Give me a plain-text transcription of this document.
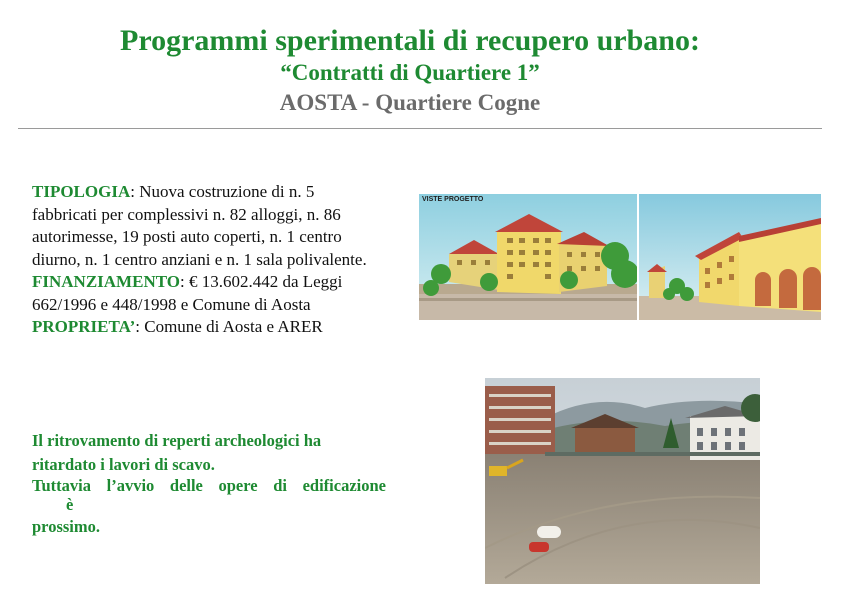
Programmi sperimentali di recupero urbano:
“Contratti di Quartiere 1”
AOSTA - Quartiere Cogne
TIPOLOGIA: Nuova costruzione di n. 5 fabbricati per complessivi n. 82 alloggi, n. 86 autorimesse, 19 posti auto coperti, n. 1 centro diurno, n. 1 centro anziani e n. 1 sala polivalente.
FINANZIAMENTO: € 13.602.442 da Leggi 662/1996 e 448/1998 e Comune di Aosta
PROPRIETA’: Comune di Aosta e ARER
Il ritrovamento di reperti archeologici ha
ritardato i lavori di scavo.
Tuttavia l’avvio delle opere di edificazione
è
prossimo.
VISTE PROGETTO
